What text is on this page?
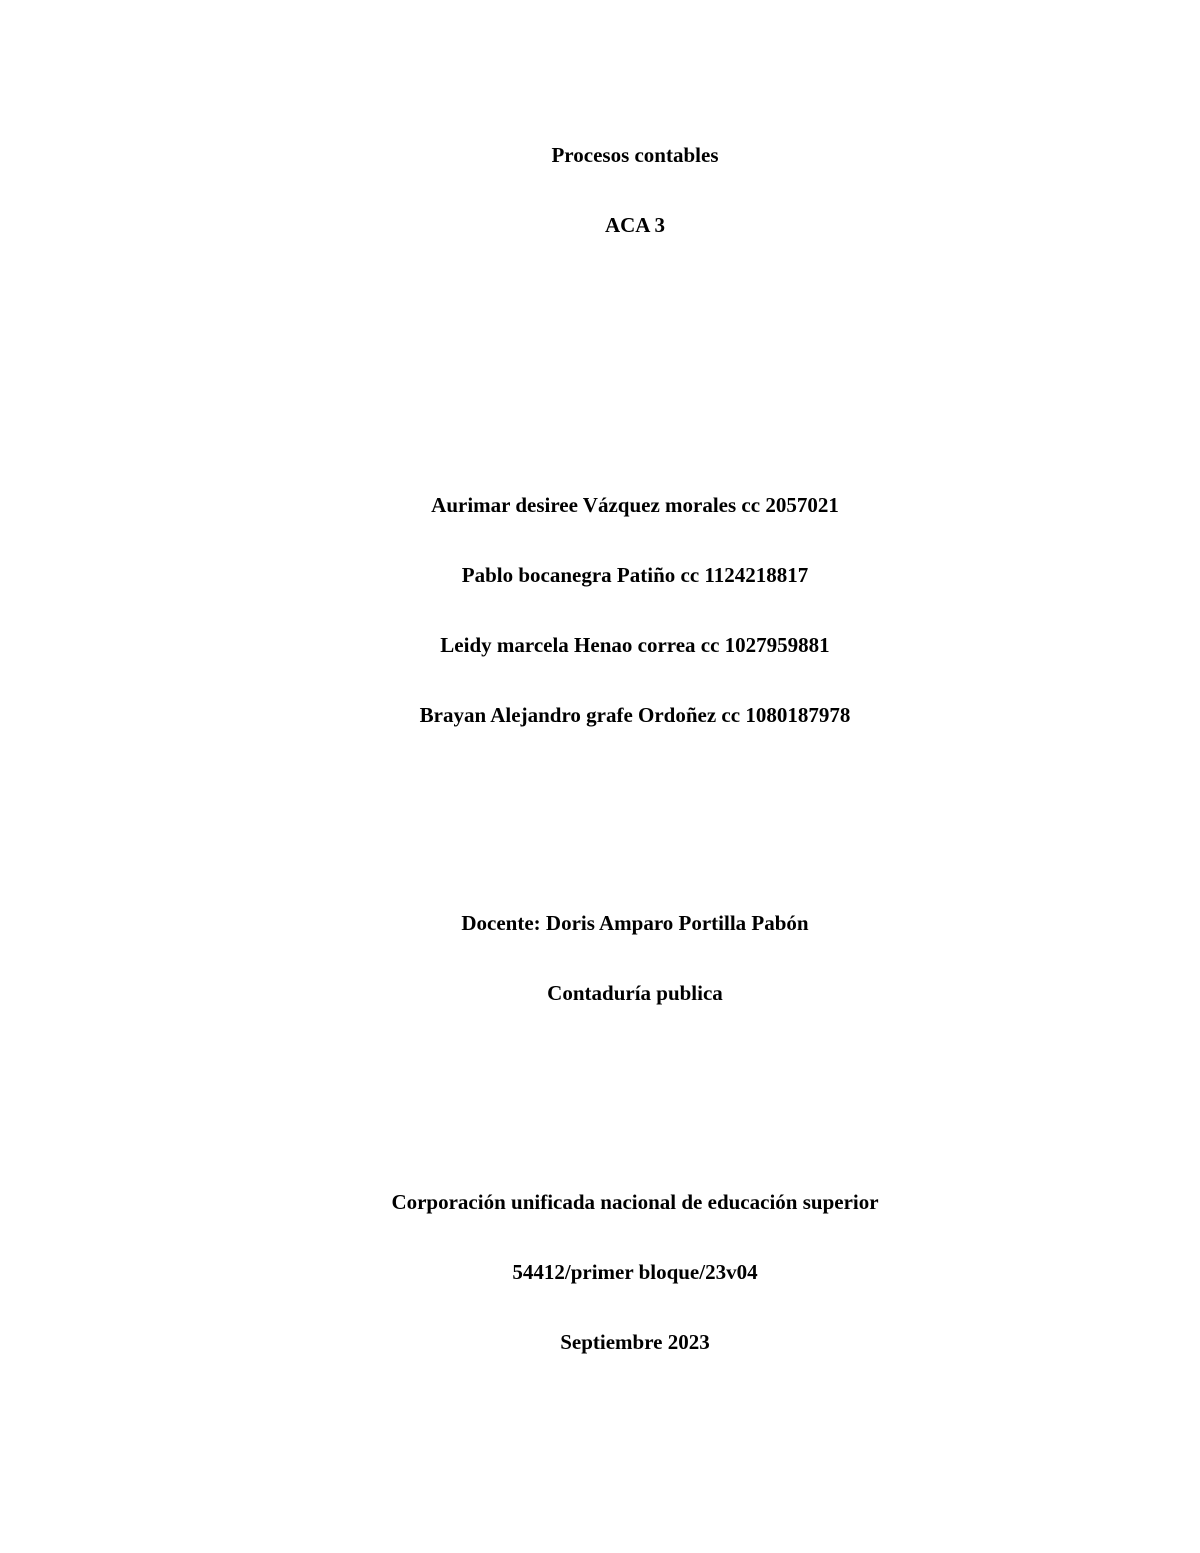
Procesos contables
ACA 3
Aurimar desiree Vázquez morales cc 2057021
Pablo bocanegra Patiño cc 1124218817
Leidy marcela Henao correa cc 1027959881
Brayan Alejandro grafe Ordoñez cc 1080187978
Docente: Doris Amparo Portilla Pabón
Contaduría publica
Corporación unificada nacional de educación superior
54412/primer bloque/23v04
Septiembre 2023
